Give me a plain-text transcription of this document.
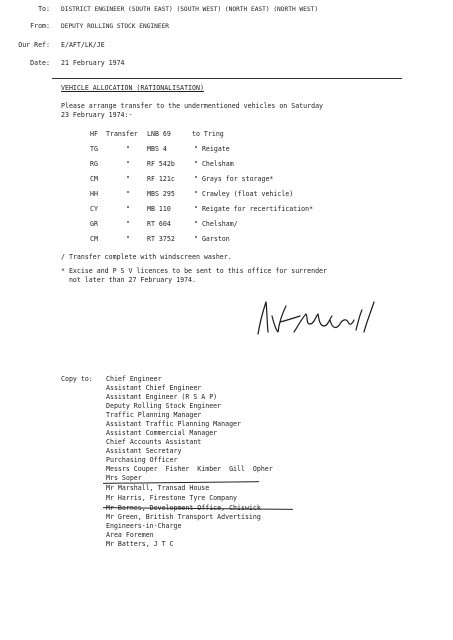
To: DISTRICT ENGINEER (SOUTH EAST) (SOUTH WEST) (NORTH EAST) (NORTH WEST)
From: DEPUTY ROLLING STOCK ENGINEER
Our Ref: E/AFT/LK/JE
Date: 21 February 1974
VEHICLE ALLOCATION (RATIONALISATION)
Please arrange transfer to the undermentioned vehicles on Saturday
23 February 1974:-
HF Transfer LNB 69	to Tring
TG	"	MBS 4	" Reigate
RG	"	RF 542b	" Chelsham
CM	"	RF 121c	" Grays for storage*
HH	"	MBS 295	" Crawley (float vehicle)
CY	"	MB 110	" Reigate for recertification*
GR	"	RT 604	" Chelsham/
CM	"	RT 3752	" Garston
/ Transfer complete with windscreen washer.
* Excise and P S V licences to be sent to this office for surrender
not later than 27 February 1974.
Copy to: Chief Engineer
Assistant Chief Engineer
Assistant Engineer (R S A P)
Deputy Rolling Stock Engineer
Traffic Planning Manager
Assistant Traffic Planning Manager
Assistant Commercial Manager
Chief Accounts Assistant
Assistant Secretary
Purchasing Officer
Messrs Couper  Fisher  Kimber  Gill  Opher
Mrs Soper
Mr Marshall, Transad House
Mr Harris, Firestone Tyre Company
Mr Barnes, Development Office, Chiswick
Mr Green, British Transport Advertising
Engineers-in-Charge
Area Foremen
Mr Batters, J T C
